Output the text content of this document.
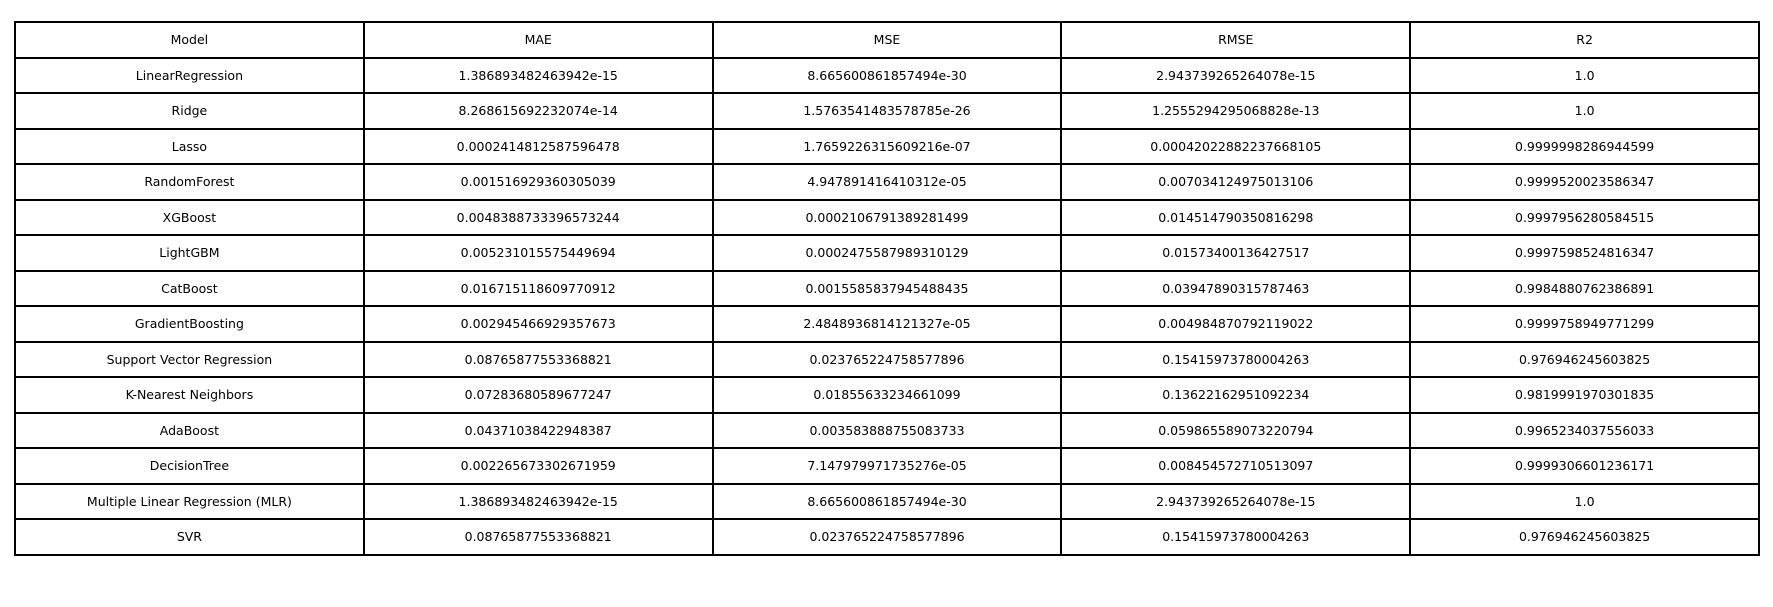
Model	MAE	MSE	RMSE	R2
LinearRegression	1.386893482463942e-15	8.665600861857494e-30	2.943739265264078e-15	1.0
Ridge	8.268615692232074e-14	1.5763541483578785e-26	1.2555294295068828e-13	1.0
Lasso	0.0002414812587596478	1.7659226315609216e-07	0.00042022882237668105	0.9999998286944599
RandomForest	0.001516929360305039	4.947891416410312e-05	0.007034124975013106	0.9999520023586347
XGBoost	0.0048388733396573244	0.0002106791389281499	0.014514790350816298	0.9997956280584515
LightGBM	0.005231015575449694	0.0002475587989310129	0.01573400136427517	0.9997598524816347
CatBoost	0.016715118609770912	0.0015585837945488435	0.03947890315787463	0.9984880762386891
GradientBoosting	0.002945466929357673	2.4848936814121327e-05	0.004984870792119022	0.9999758949771299
Support Vector Regression	0.08765877553368821	0.023765224758577896	0.15415973780004263	0.976946245603825
K-Nearest Neighbors	0.07283680589677247	0.01855633234661099	0.13622162951092234	0.9819991970301835
AdaBoost	0.04371038422948387	0.003583888755083733	0.059865589073220794	0.9965234037556033
DecisionTree	0.002265673302671959	7.147979971735276e-05	0.008454572710513097	0.9999306601236171
Multiple Linear Regression (MLR)	1.386893482463942e-15	8.665600861857494e-30	2.943739265264078e-15	1.0
SVR	0.08765877553368821	0.023765224758577896	0.15415973780004263	0.976946245603825
